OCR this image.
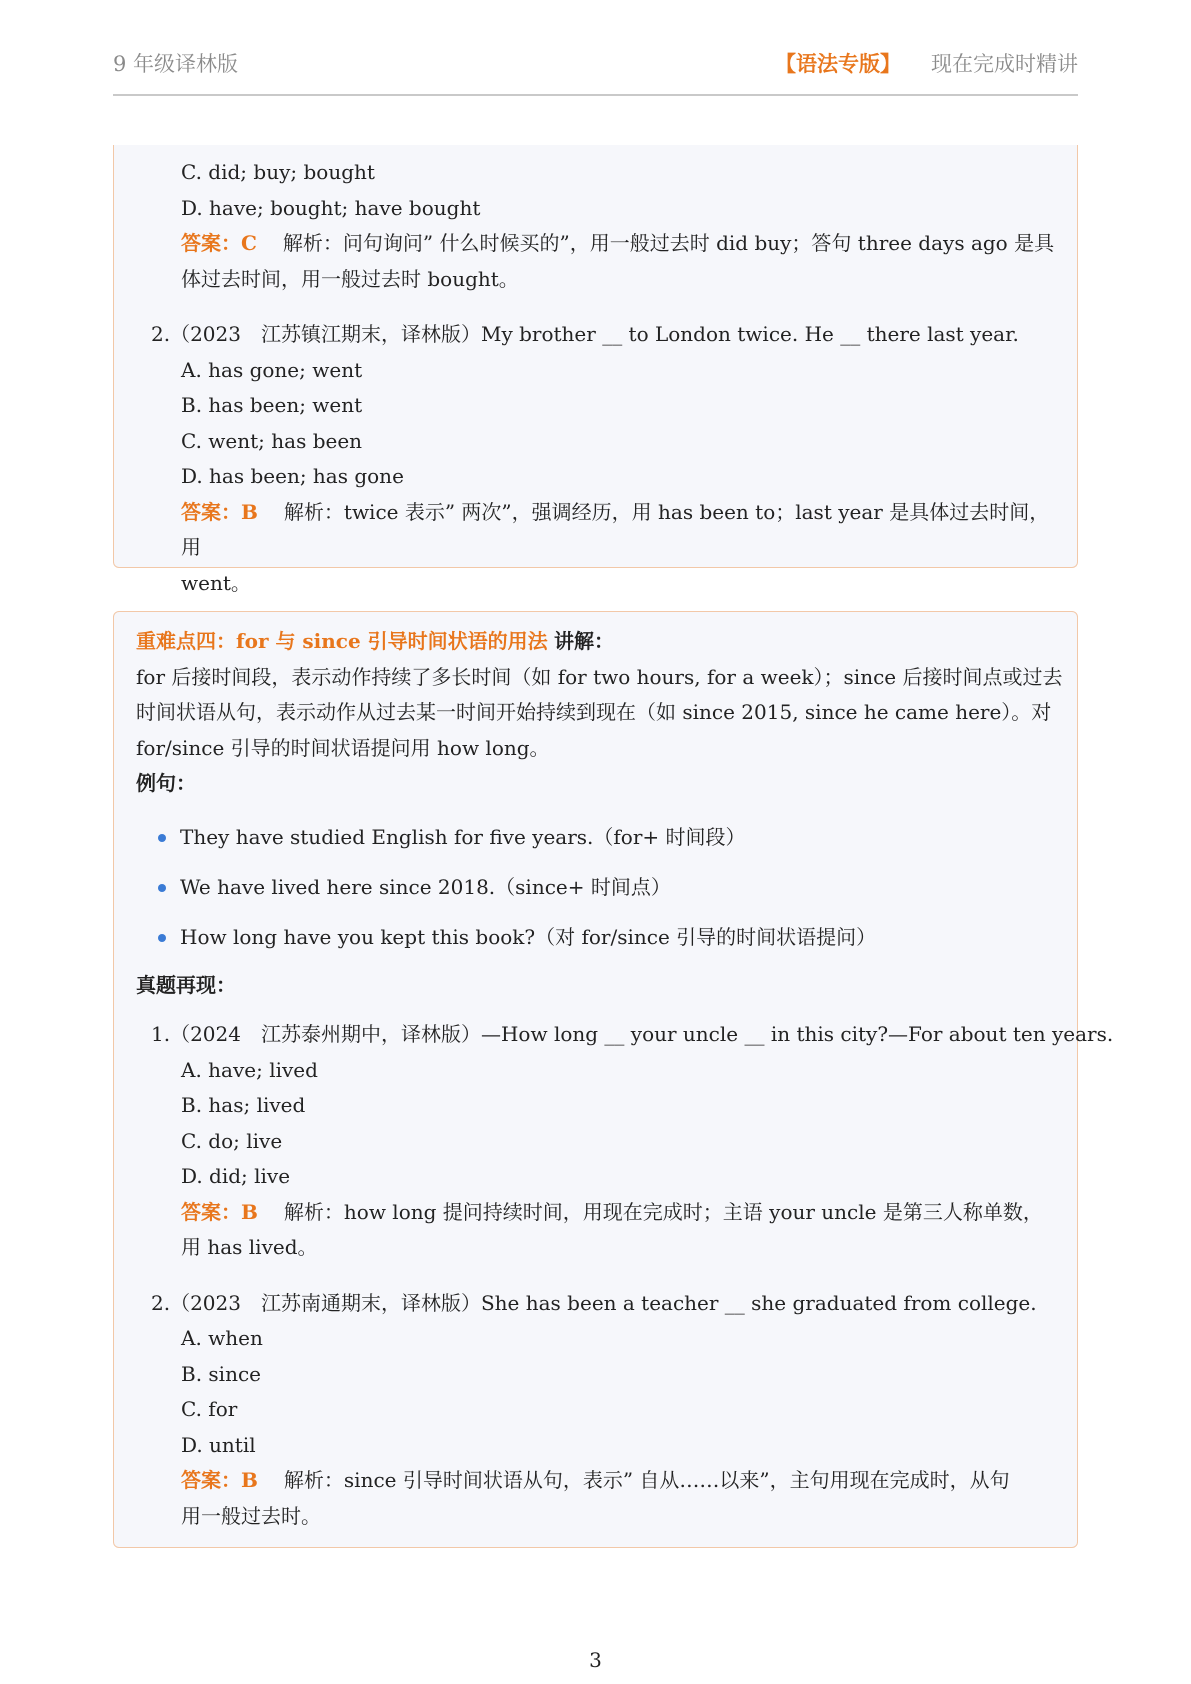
9 年级译林版	【语法专版】 现在完成时精讲
C. did; buy; bought
D. have; bought; have bought
答案：C 解析：问句询问” 什么时候买的”，用一般过去时 did buy；答句 three days ago 是具
体过去时间，用一般过去时 bought。
2.（2023　江苏镇江期末，译林版）My brother __ to London twice. He __ there last year.
A. has gone; went
B. has been; went
C. went; has been
D. has been; has gone
答案：B 解析：twice 表示” 两次”，强调经历，用 has been to；last year 是具体过去时间，用
went。
重难点四：for 与 since 引导时间状语的用法 讲解：
for 后接时间段，表示动作持续了多长时间（如 for two hours, for a week）；since 后接时间点或过去
时间状语从句，表示动作从过去某一时间开始持续到现在（如 since 2015, since he came here）。对
for/since 引导的时间状语提问用 how long。
例句：
They have studied English for five years.（for+ 时间段）
We have lived here since 2018.（since+ 时间点）
How long have you kept this book?（对 for/since 引导的时间状语提问）
真题再现：
1.（2024　江苏泰州期中，译林版）—How long __ your uncle __ in this city?—For about ten years.
A. have; lived
B. has; lived
C. do; live
D. did; live
答案：B 解析：how long 提问持续时间，用现在完成时；主语 your uncle 是第三人称单数，
用 has lived。
2.（2023　江苏南通期末，译林版）She has been a teacher __ she graduated from college.
A. when
B. since
C. for
D. until
答案：B 解析：since 引导时间状语从句，表示” 自从……以来”，主句用现在完成时，从句
用一般过去时。
3
